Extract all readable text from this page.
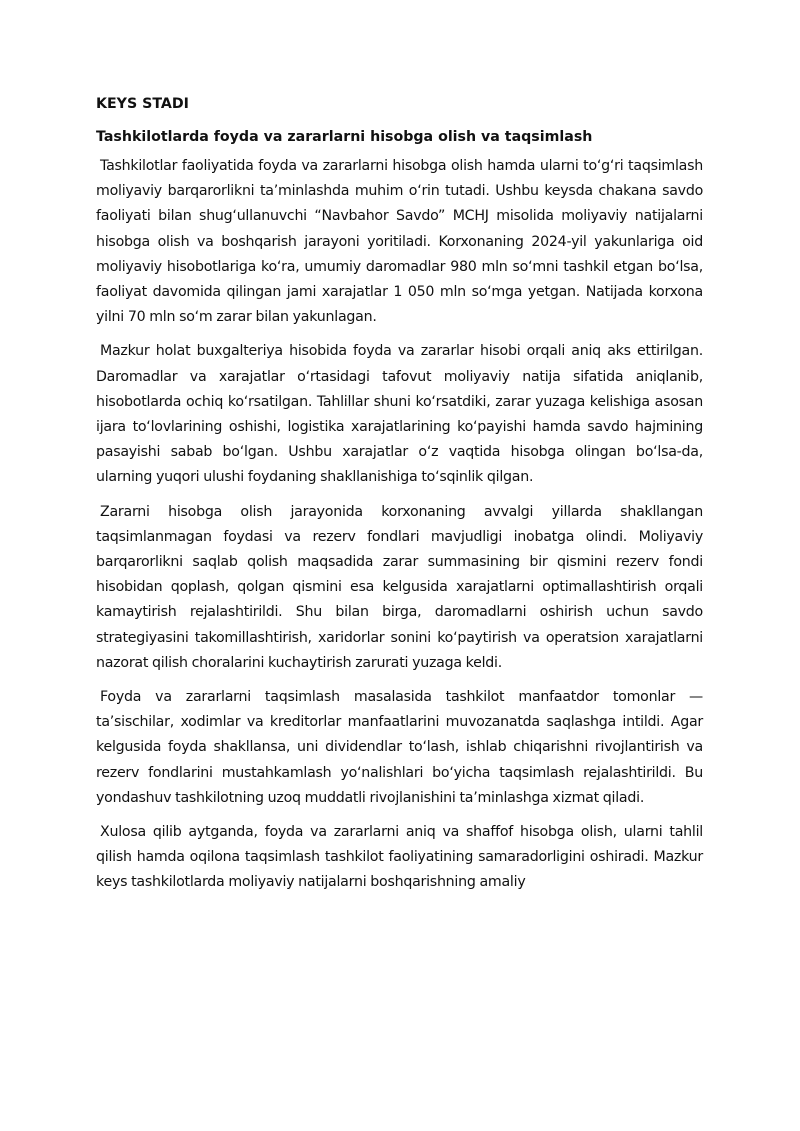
KEYS STADI
Tashkilotlarda foyda va zararlarni hisobga olish va taqsimlash

Tashkilotlar faoliyatida foyda va zararlarni hisobga olish hamda ularni to‘g‘ri taqsimlash moliyaviy barqarorlikni ta’minlashda muhim o‘rin tutadi. Ushbu keysda chakana savdo faoliyati bilan shug‘ullanuvchi “Navbahor Savdo” MCHJ misolida moliyaviy natijalarni hisobga olish va boshqarish jarayoni yoritiladi. Korxonaning 2024-yil yakunlariga oid moliyaviy hisobotlariga ko‘ra, umumiy daromadlar 980 mln so‘mni tashkil etgan bo‘lsa, faoliyat davomida qilingan jami xarajatlar 1 050 mln so‘mga yetgan. Natijada korxona yilni 70 mln so‘m zarar bilan yakunlagan.

Mazkur holat buxgalteriya hisobida foyda va zararlar hisobi orqali aniq aks ettirilgan. Daromadlar va xarajatlar o‘rtasidagi tafovut moliyaviy natija sifatida aniqlanib, hisobotlarda ochiq ko‘rsatilgan. Tahlillar shuni ko‘rsatdiki, zarar yuzaga kelishiga asosan ijara to‘lovlarining oshishi, logistika xarajatlarining ko‘payishi hamda savdo hajmining pasayishi sabab bo‘lgan. Ushbu xarajatlar o‘z vaqtida hisobga olingan bo‘lsa-da, ularning yuqori ulushi foydaning shakllanishiga to‘sqinlik qilgan.

Zararni hisobga olish jarayonida korxonaning avvalgi yillarda shakllangan taqsimlanmagan foydasi va rezerv fondlari mavjudligi inobatga olindi. Moliyaviy barqarorlikni saqlab qolish maqsadida zarar summasining bir qismini rezerv fondi hisobidan qoplash, qolgan qismini esa kelgusida xarajatlarni optimallashtirish orqali kamaytirish rejalashtirildi. Shu bilan birga, daromadlarni oshirish uchun savdo strategiyasini takomillashtirish, xaridorlar sonini ko‘paytirish va operatsion xarajatlarni nazorat qilish choralarini kuchaytirish zarurati yuzaga keldi.

Foyda va zararlarni taqsimlash masalasida tashkilot manfaatdor tomonlar — ta’sischilar, xodimlar va kreditorlar manfaatlarini muvozanatda saqlashga intildi. Agar kelgusida foyda shakllansa, uni dividendlar to‘lash, ishlab chiqarishni rivojlantirish va rezerv fondlarini mustahkamlash yo‘nalishlari bo‘yicha taqsimlash rejalashtirildi. Bu yondashuv tashkilotning uzoq muddatli rivojlanishini ta’minlashga xizmat qiladi.

Xulosa qilib aytganda, foyda va zararlarni aniq va shaffof hisobga olish, ularni tahlil qilish hamda oqilona taqsimlash tashkilot faoliyatining samaradorligini oshiradi. Mazkur keys tashkilotlarda moliyaviy natijalarni boshqarishning amaliy
